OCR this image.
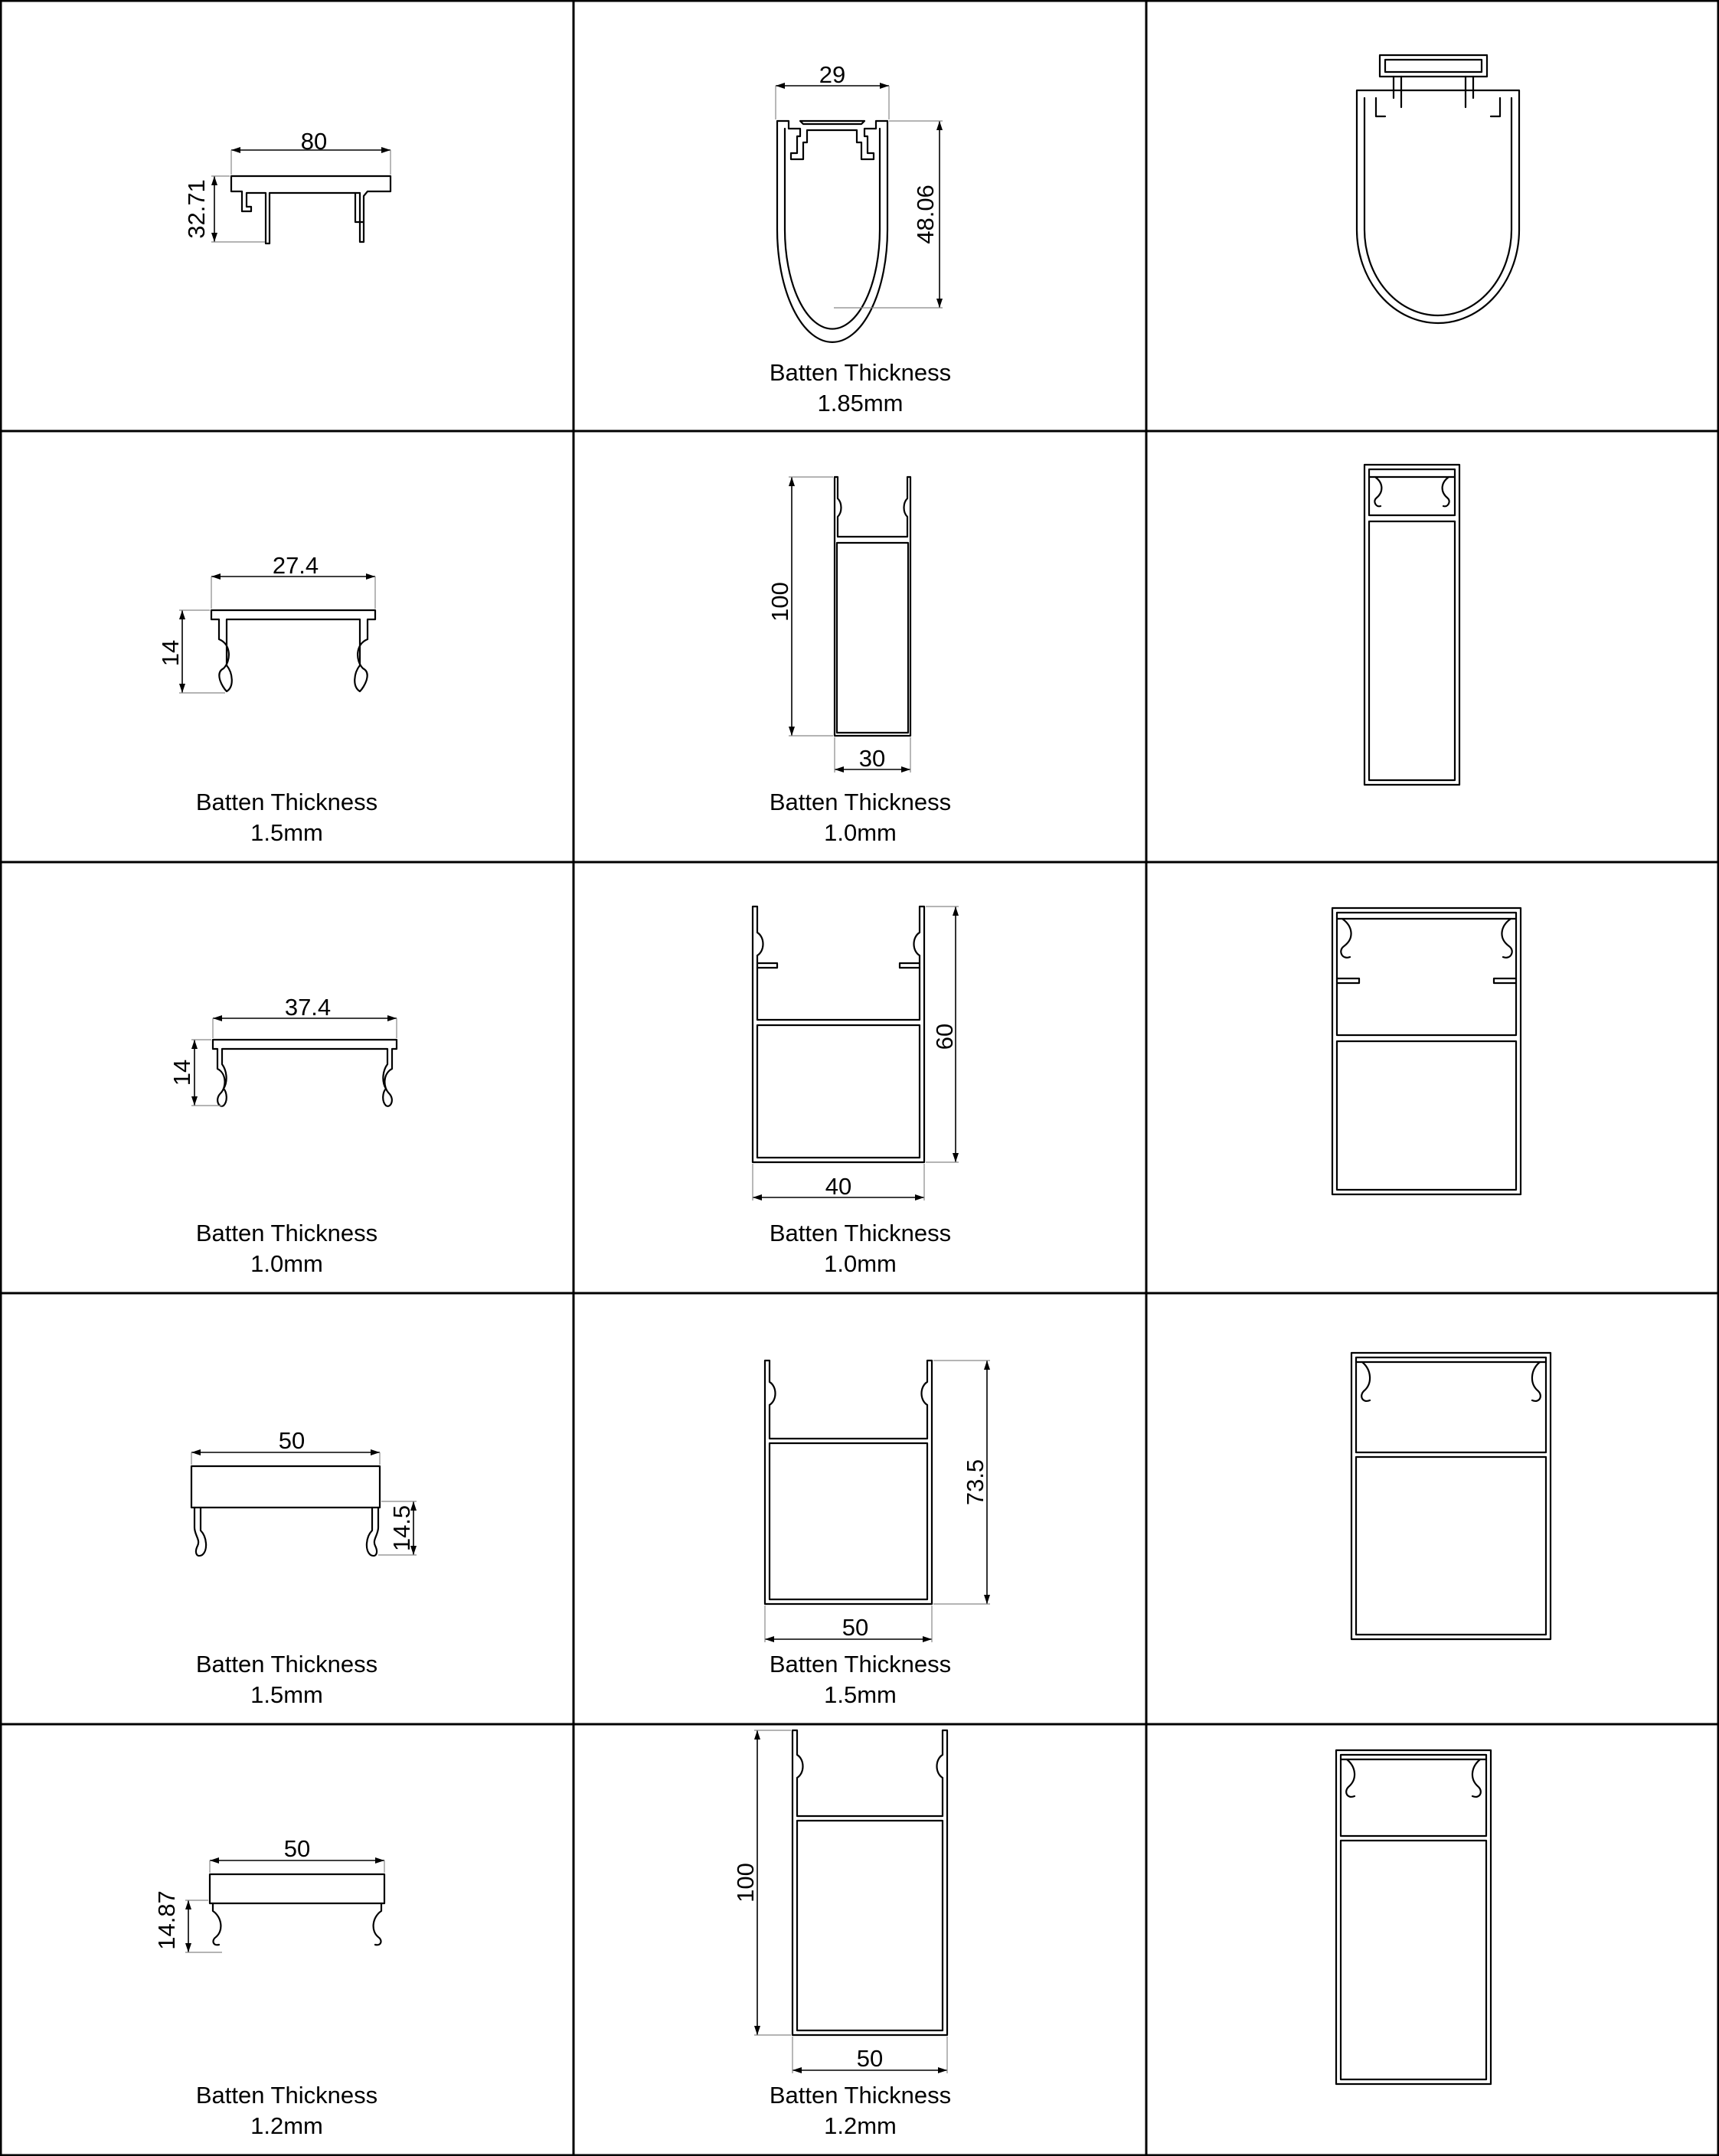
80
32.71
29
48.06
Batten Thickness
1.85mm
27.4
14
Batten Thickness
1.5mm
100
30
Batten Thickness
1.0mm
37.4
14
Batten Thickness
1.0mm
60
40
Batten Thickness
1.0mm
50
14.5
Batten Thickness
1.5mm
73.5
50
Batten Thickness
1.5mm
50
14.87
Batten Thickness
1.2mm
100
50
Batten Thickness
1.2mm
